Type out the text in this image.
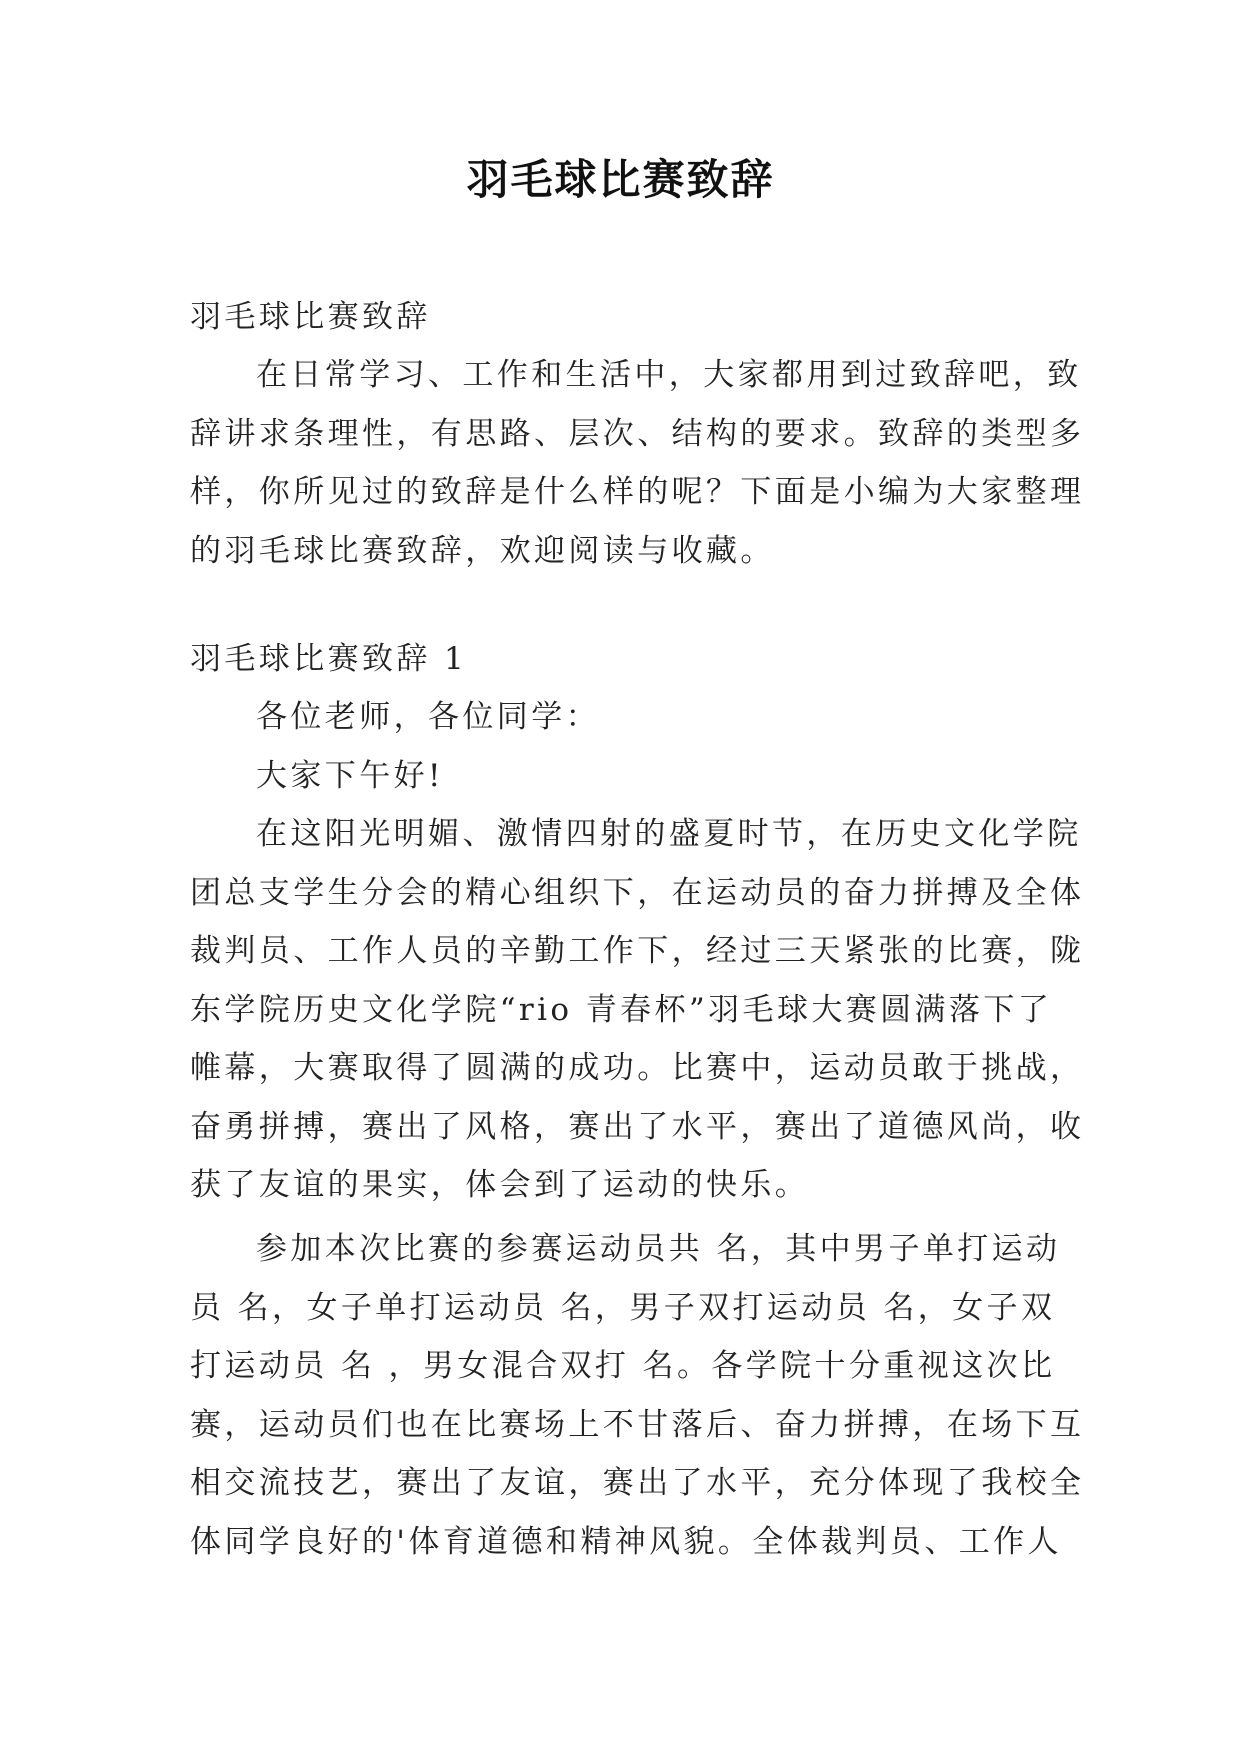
羽毛球比赛致辞
羽毛球比赛致辞
在日常学习、工作和生活中，大家都用到过致辞吧，致
辞讲求条理性，有思路、层次、结构的要求。致辞的类型多
样，你所见过的致辞是什么样的呢？下面是小编为大家整理
的羽毛球比赛致辞，欢迎阅读与收藏。
羽毛球比赛致辞 1
各位老师，各位同学：
大家下午好!
在这阳光明媚、激情四射的盛夏时节，在历史文化学院
团总支学生分会的精心组织下，在运动员的奋力拼搏及全体
裁判员、工作人员的辛勤工作下，经过三天紧张的比赛，陇
东学院历史文化学院“rio 青春杯”羽毛球大赛圆满落下了
帷幕，大赛取得了圆满的成功。比赛中，运动员敢于挑战，
奋勇拼搏，赛出了风格，赛出了水平，赛出了道德风尚，收
获了友谊的果实，体会到了运动的快乐。
参加本次比赛的参赛运动员共 名，其中男子单打运动
员 名，女子单打运动员 名，男子双打运动员 名，女子双
打运动员 名 ，男女混合双打 名。各学院十分重视这次比
赛，运动员们也在比赛场上不甘落后、奋力拼搏，在场下互
相交流技艺，赛出了友谊，赛出了水平，充分体现了我校全
体同学良好的'体育道德和精神风貌。全体裁判员、工作人
